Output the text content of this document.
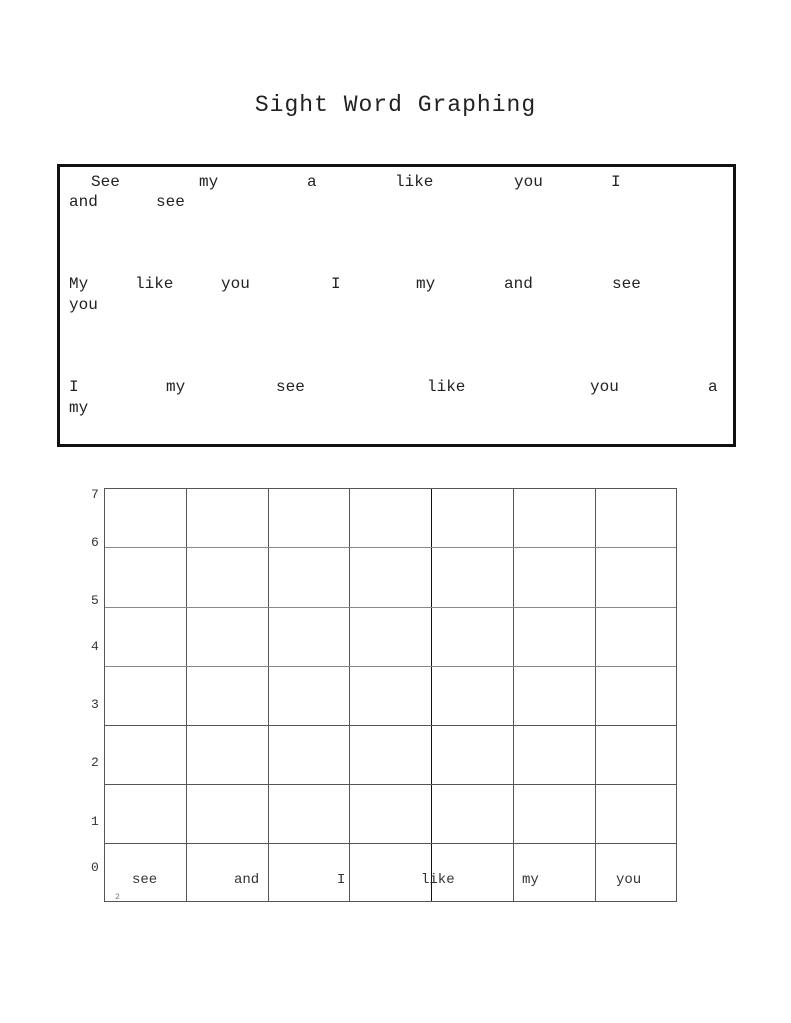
Sight Word Graphing
See	my	a	like	you	I
and	see
My	like	you	I	my	and	see
you
I	my	see	like	you	a
my
7
6
5
4
3
2
1
0
see	and	I	like	my	you
2
